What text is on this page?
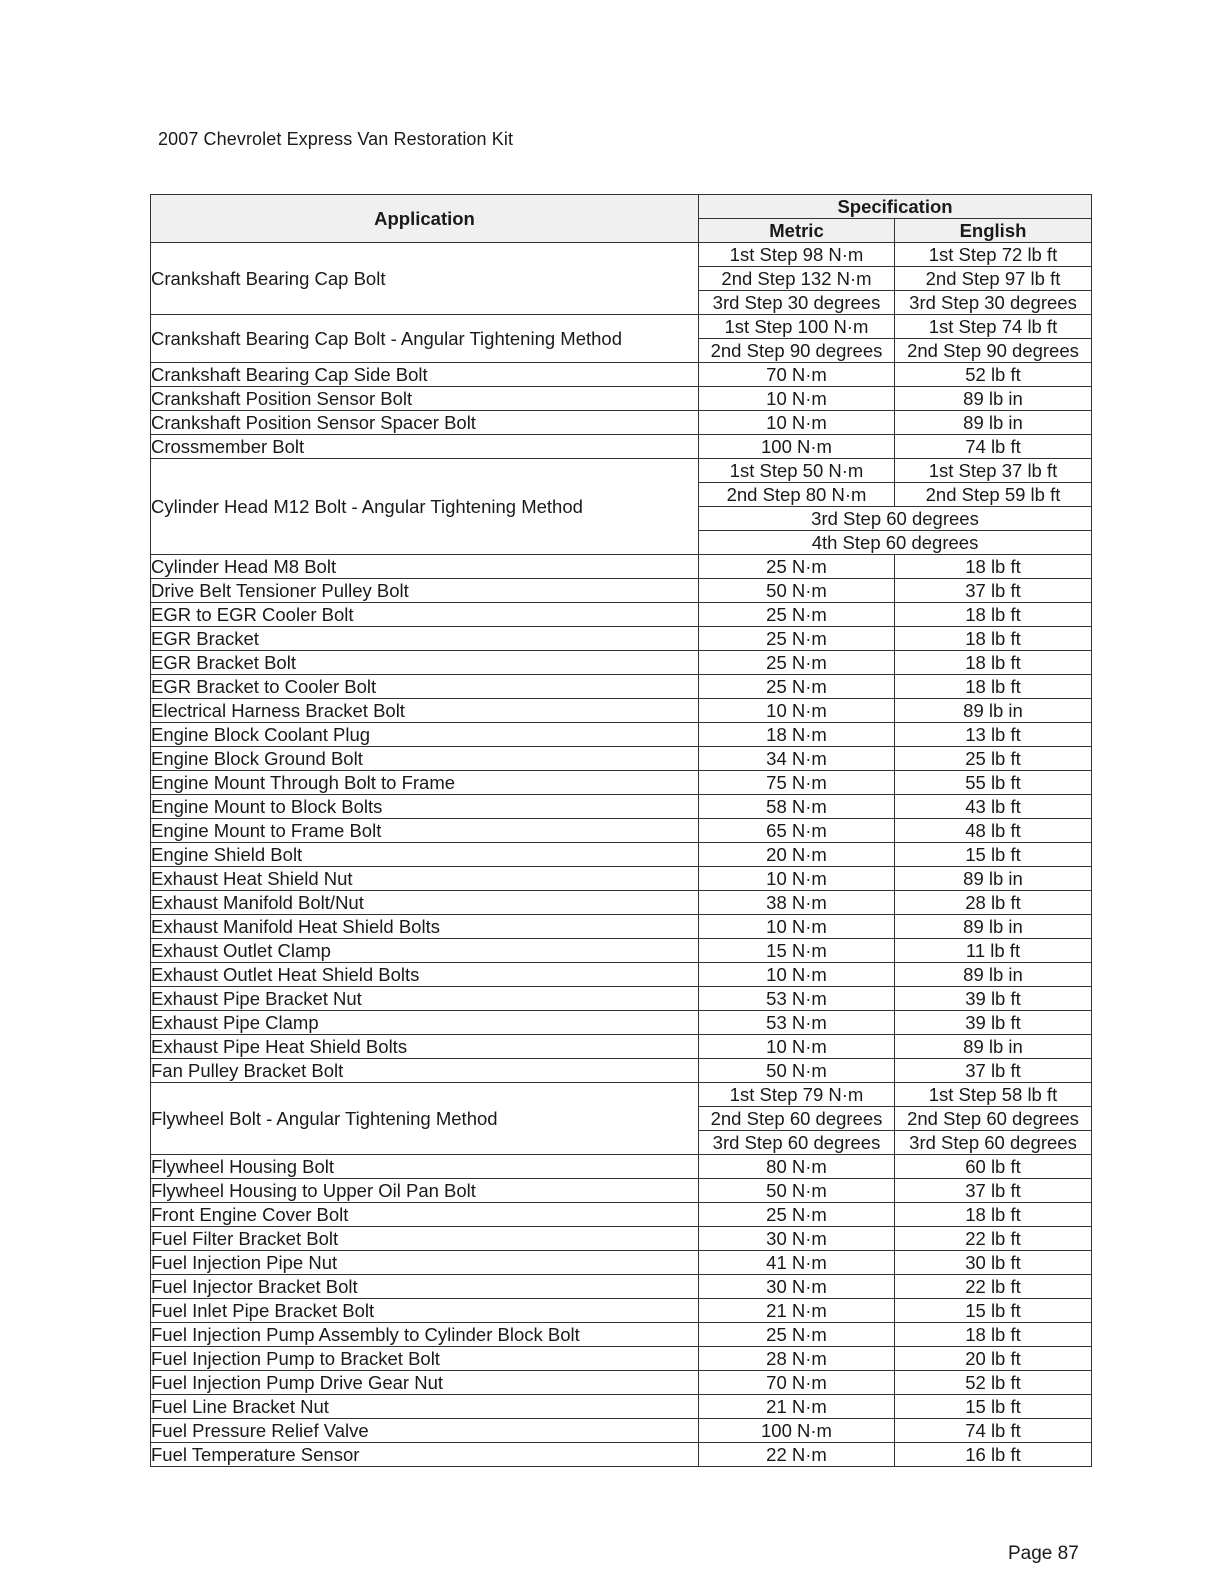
2007 Chevrolet Express Van Restoration Kit
Application	Specification	
	Metric	English
Crankshaft Bearing Cap Bolt	1st Step 98 N·m	1st Step 72 lb ft
	2nd Step 132 N·m	2nd Step 97 lb ft
	3rd Step 30 degrees	3rd Step 30 degrees
Crankshaft Bearing Cap Bolt - Angular Tightening Method	1st Step 100 N·m	1st Step 74 lb ft
	2nd Step 90 degrees	2nd Step 90 degrees
Crankshaft Bearing Cap Side Bolt	70 N·m	52 lb ft
Crankshaft Position Sensor Bolt	10 N·m	89 lb in
Crankshaft Position Sensor Spacer Bolt	10 N·m	89 lb in
Crossmember Bolt	100 N·m	74 lb ft
Cylinder Head M12 Bolt - Angular Tightening Method	1st Step 50 N·m	1st Step 37 lb ft
	2nd Step 80 N·m	2nd Step 59 lb ft
	3rd Step 60 degrees	
	4th Step 60 degrees	
Cylinder Head M8 Bolt	25 N·m	18 lb ft
Drive Belt Tensioner Pulley Bolt	50 N·m	37 lb ft
EGR to EGR Cooler Bolt	25 N·m	18 lb ft
EGR Bracket	25 N·m	18 lb ft
EGR Bracket Bolt	25 N·m	18 lb ft
EGR Bracket to Cooler Bolt	25 N·m	18 lb ft
Electrical Harness Bracket Bolt	10 N·m	89 lb in
Engine Block Coolant Plug	18 N·m	13 lb ft
Engine Block Ground Bolt	34 N·m	25 lb ft
Engine Mount Through Bolt to Frame	75 N·m	55 lb ft
Engine Mount to Block Bolts	58 N·m	43 lb ft
Engine Mount to Frame Bolt	65 N·m	48 lb ft
Engine Shield Bolt	20 N·m	15 lb ft
Exhaust Heat Shield Nut	10 N·m	89 lb in
Exhaust Manifold Bolt/Nut	38 N·m	28 lb ft
Exhaust Manifold Heat Shield Bolts	10 N·m	89 lb in
Exhaust Outlet Clamp	15 N·m	11 lb ft
Exhaust Outlet Heat Shield Bolts	10 N·m	89 lb in
Exhaust Pipe Bracket Nut	53 N·m	39 lb ft
Exhaust Pipe Clamp	53 N·m	39 lb ft
Exhaust Pipe Heat Shield Bolts	10 N·m	89 lb in
Fan Pulley Bracket Bolt	50 N·m	37 lb ft
Flywheel Bolt - Angular Tightening Method	1st Step 79 N·m	1st Step 58 lb ft
	2nd Step 60 degrees	2nd Step 60 degrees
	3rd Step 60 degrees	3rd Step 60 degrees
Flywheel Housing Bolt	80 N·m	60 lb ft
Flywheel Housing to Upper Oil Pan Bolt	50 N·m	37 lb ft
Front Engine Cover Bolt	25 N·m	18 lb ft
Fuel Filter Bracket Bolt	30 N·m	22 lb ft
Fuel Injection Pipe Nut	41 N·m	30 lb ft
Fuel Injector Bracket Bolt	30 N·m	22 lb ft
Fuel Inlet Pipe Bracket Bolt	21 N·m	15 lb ft
Fuel Injection Pump Assembly to Cylinder Block Bolt	25 N·m	18 lb ft
Fuel Injection Pump to Bracket Bolt	28 N·m	20 lb ft
Fuel Injection Pump Drive Gear Nut	70 N·m	52 lb ft
Fuel Line Bracket Nut	21 N·m	15 lb ft
Fuel Pressure Relief Valve	100 N·m	74 lb ft
Fuel Temperature Sensor	22 N·m	16 lb ft
Page 87
